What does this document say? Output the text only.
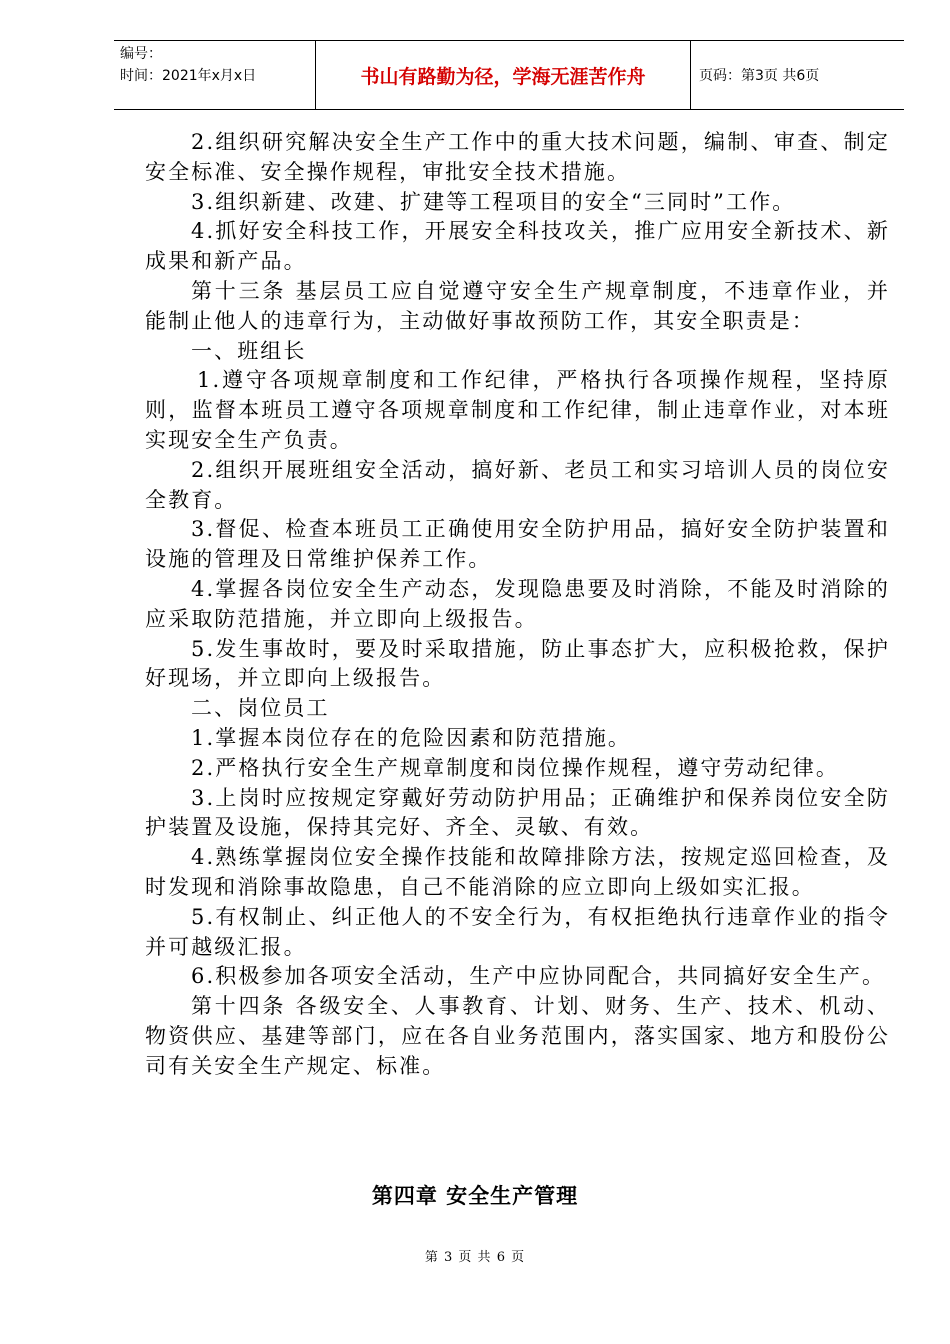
编号：
时间：2021年x月x日	书山有路勤为径，学海无涯苦作舟	页码：第3页 共6页

2.组织研究解决安全生产工作中的重大技术问题，编制、审查、制定安全标准、安全操作规程，审批安全技术措施。

3.组织新建、改建、扩建等工程项目的安全“三同时”工作。

4.抓好安全科技工作，开展安全科技攻关，推广应用安全新技术、新成果和新产品。

第十三条 基层员工应自觉遵守安全生产规章制度，不违章作业，并能制止他人的违章行为，主动做好事故预防工作，其安全职责是：

一、班组长

1.遵守各项规章制度和工作纪律，严格执行各项操作规程，坚持原则，监督本班员工遵守各项规章制度和工作纪律，制止违章作业，对本班实现安全生产负责。

2.组织开展班组安全活动，搞好新、老员工和实习培训人员的岗位安全教育。

3.督促、检查本班员工正确使用安全防护用品，搞好安全防护装置和设施的管理及日常维护保养工作。

4.掌握各岗位安全生产动态，发现隐患要及时消除，不能及时消除的应采取防范措施，并立即向上级报告。

5.发生事故时，要及时采取措施，防止事态扩大，应积极抢救，保护好现场，并立即向上级报告。

二、岗位员工

1.掌握本岗位存在的危险因素和防范措施。

2.严格执行安全生产规章制度和岗位操作规程，遵守劳动纪律。

3.上岗时应按规定穿戴好劳动防护用品；正确维护和保养岗位安全防护装置及设施，保持其完好、齐全、灵敏、有效。

4.熟练掌握岗位安全操作技能和故障排除方法，按规定巡回检查，及时发现和消除事故隐患，自己不能消除的应立即向上级如实汇报。

5.有权制止、纠正他人的不安全行为，有权拒绝执行违章作业的指令并可越级汇报。

6.积极参加各项安全活动，生产中应协同配合，共同搞好安全生产。

第十四条 各级安全、人事教育、计划、财务、生产、技术、机动、物资供应、基建等部门，应在各自业务范围内，落实国家、地方和股份公司有关安全生产规定、标准。

第四章 安全生产管理
第 3 页 共 6 页
